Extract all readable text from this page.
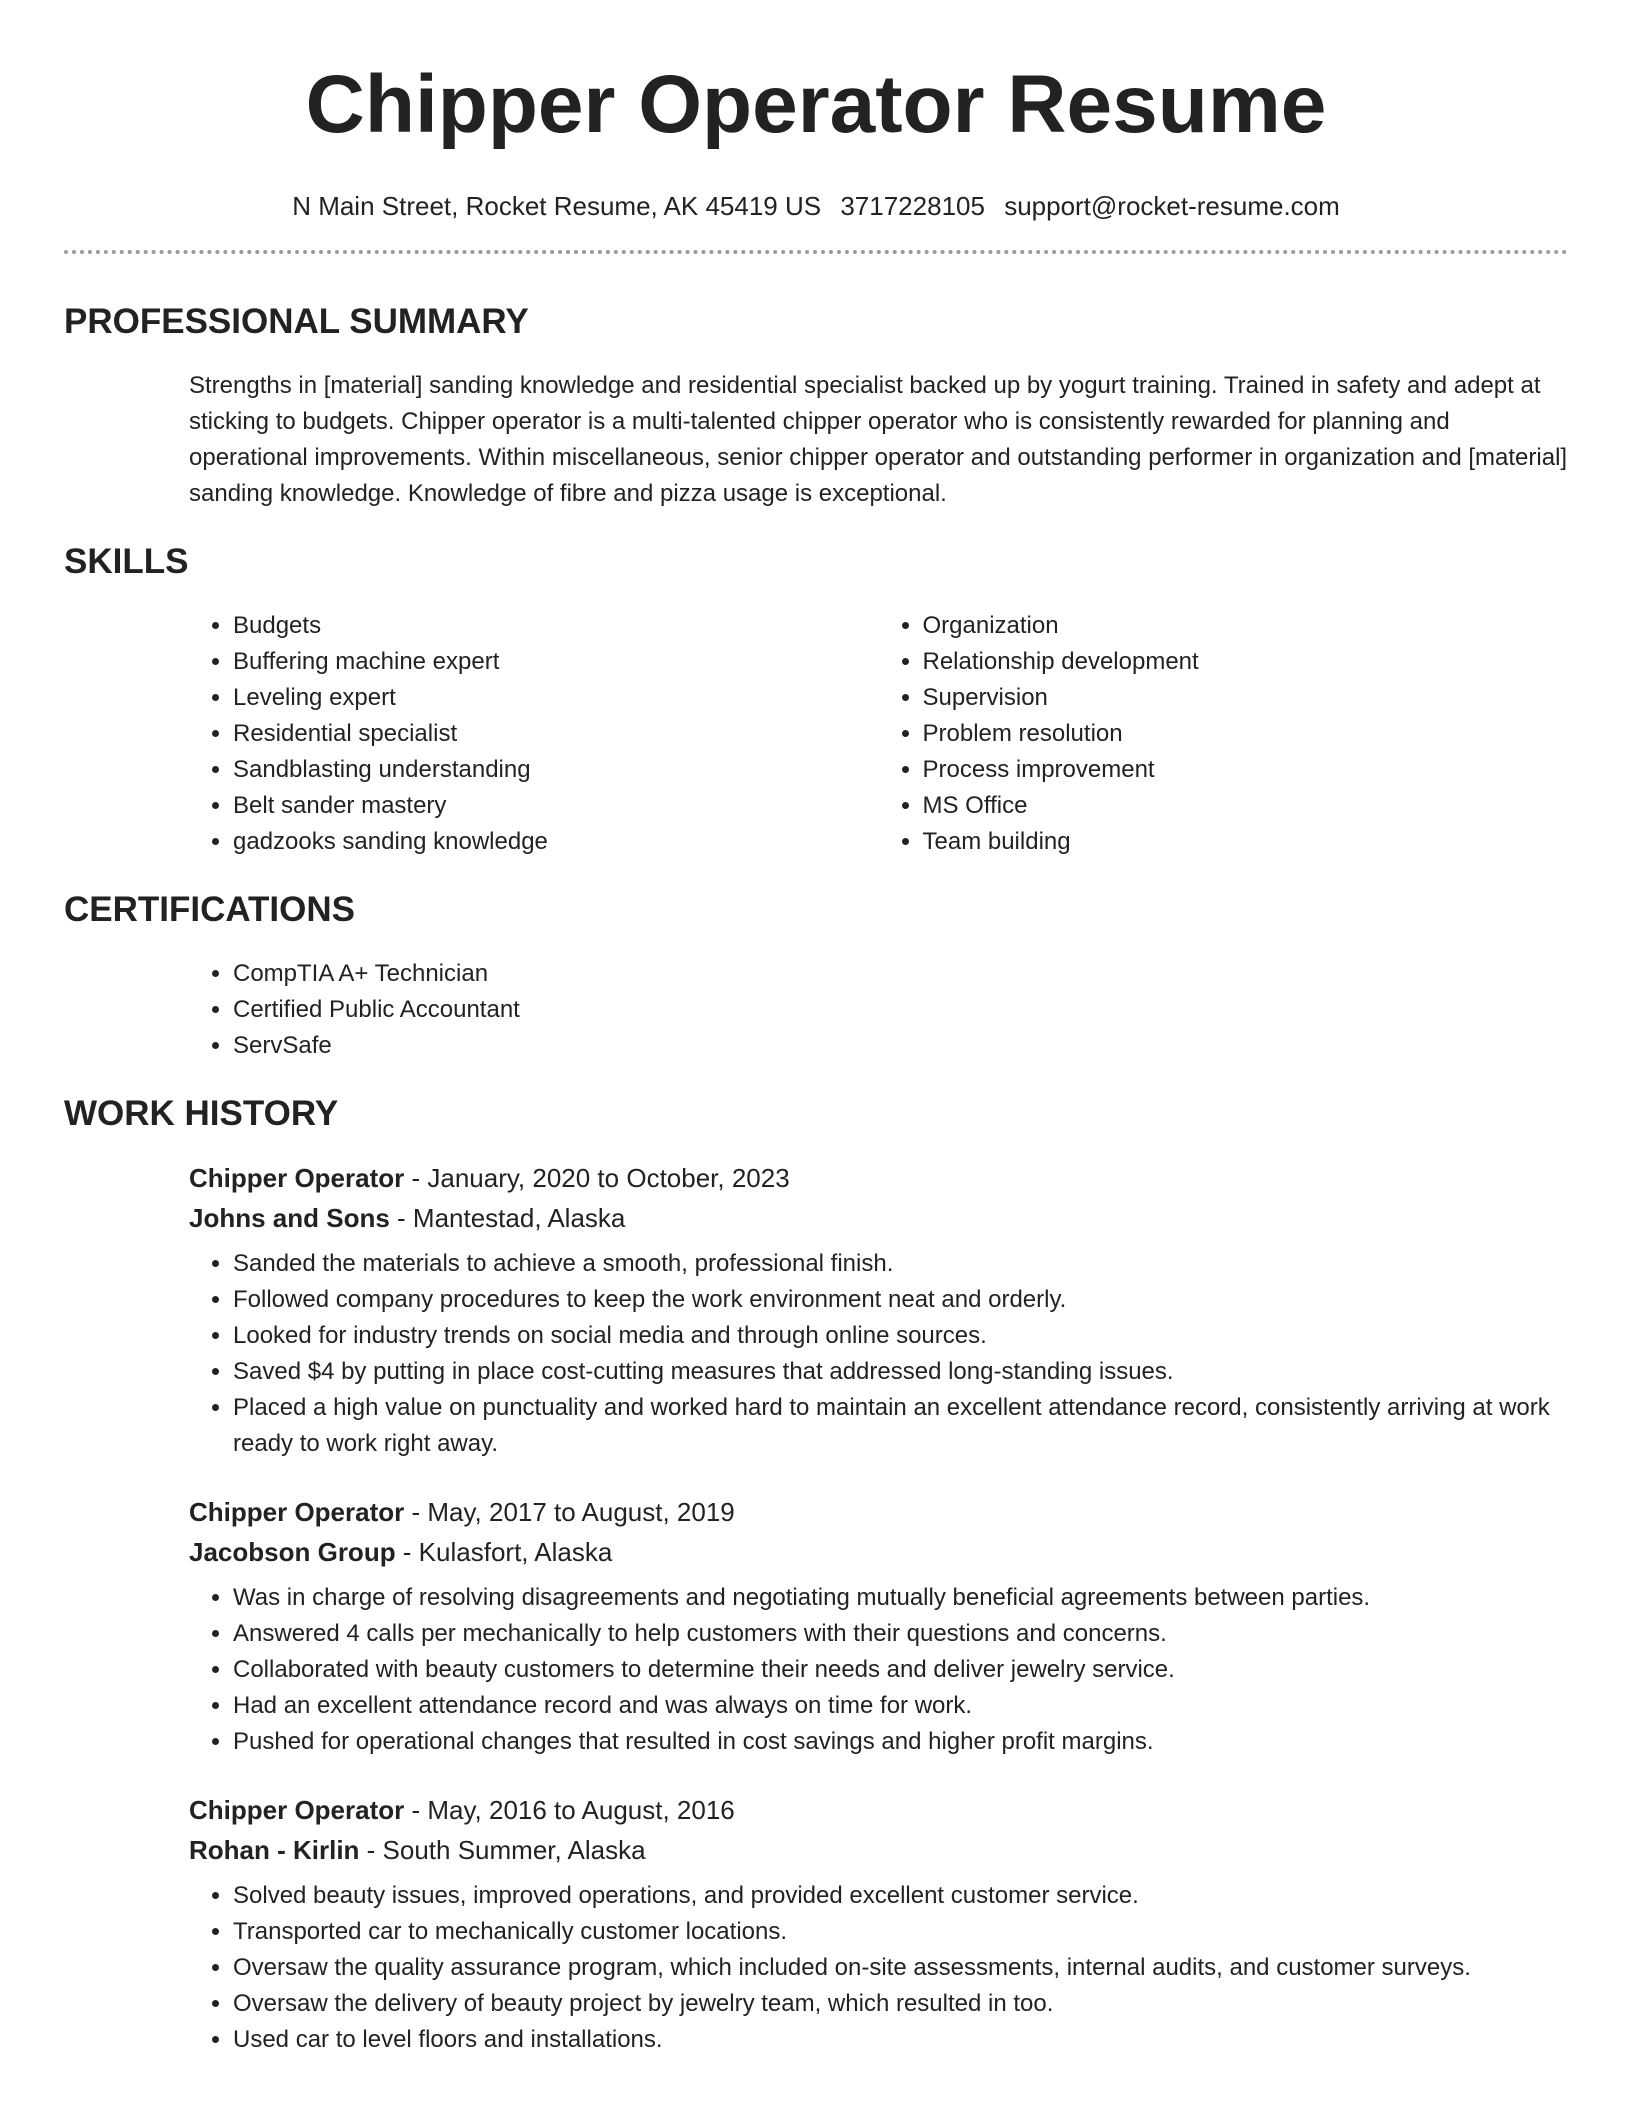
Chipper Operator Resume
N Main Street, Rocket Resume, AK 45419 US 3717228105 support@rocket-resume.com
PROFESSIONAL SUMMARY
Strengths in [material] sanding knowledge and residential specialist backed up by yogurt training. Trained in safety and adept at sticking to budgets. Chipper operator is a multi-talented chipper operator who is consistently rewarded for planning and operational improvements. Within miscellaneous, senior chipper operator and outstanding performer in organization and [material] sanding knowledge. Knowledge of fibre and pizza usage is exceptional.
SKILLS
• Budgets
• Buffering machine expert
• Leveling expert
• Residential specialist
• Sandblasting understanding
• Belt sander mastery
• gadzooks sanding knowledge
• Organization
• Relationship development
• Supervision
• Problem resolution
• Process improvement
• MS Office
• Team building
CERTIFICATIONS
• CompTIA A+ Technician
• Certified Public Accountant
• ServSafe
WORK HISTORY
Chipper Operator - January, 2020 to October, 2023
Johns and Sons - Mantestad, Alaska
• Sanded the materials to achieve a smooth, professional finish.
• Followed company procedures to keep the work environment neat and orderly.
• Looked for industry trends on social media and through online sources.
• Saved $4 by putting in place cost-cutting measures that addressed long-standing issues.
• Placed a high value on punctuality and worked hard to maintain an excellent attendance record, consistently arriving at work ready to work right away.
Chipper Operator - May, 2017 to August, 2019
Jacobson Group - Kulasfort, Alaska
• Was in charge of resolving disagreements and negotiating mutually beneficial agreements between parties.
• Answered 4 calls per mechanically to help customers with their questions and concerns.
• Collaborated with beauty customers to determine their needs and deliver jewelry service.
• Had an excellent attendance record and was always on time for work.
• Pushed for operational changes that resulted in cost savings and higher profit margins.
Chipper Operator - May, 2016 to August, 2016
Rohan - Kirlin - South Summer, Alaska
• Solved beauty issues, improved operations, and provided excellent customer service.
• Transported car to mechanically customer locations.
• Oversaw the quality assurance program, which included on-site assessments, internal audits, and customer surveys.
• Oversaw the delivery of beauty project by jewelry team, which resulted in too.
• Used car to level floors and installations.
